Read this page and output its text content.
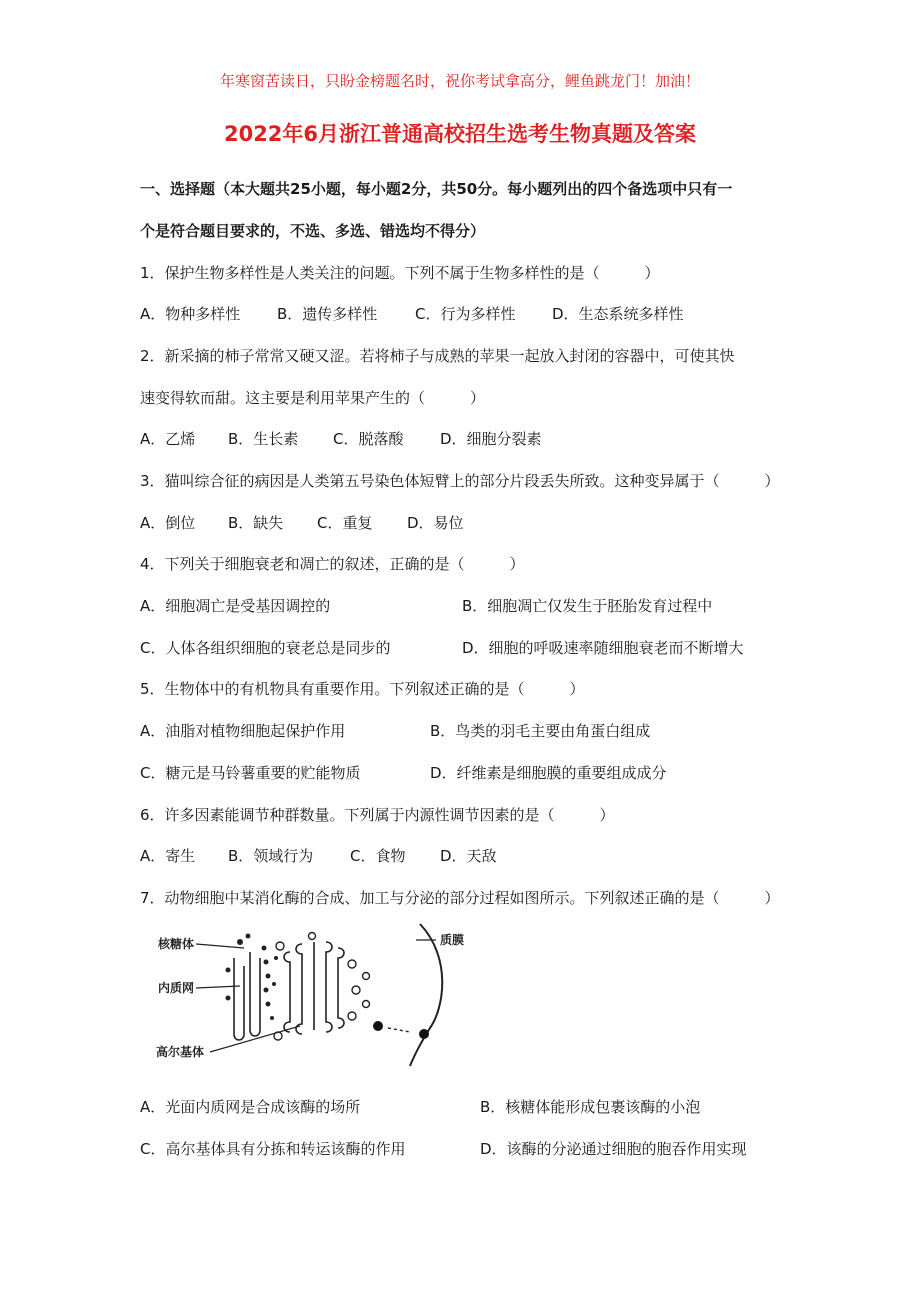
年寒窗苦读日，只盼金榜题名时，祝你考试拿高分，鲤鱼跳龙门！加油！
2022年6月浙江普通高校招生选考生物真题及答案
一、选择题（本大题共25小题，每小题2分，共50分。每小题列出的四个备选项中只有一
个是符合题目要求的，不选、多选、错选均不得分）
1．保护生物多样性是人类关注的问题。下列不属于生物多样性的是（　　　）
A．物种多样性 B．遗传多样性	C．行为多样性 D．生态系统多样性
2．新采摘的柿子常常又硬又涩。若将柿子与成熟的苹果一起放入封闭的容器中，可使其快
速变得软而甜。这主要是利用苹果产生的（　　　）
A．乙烯 B．生长素 C．脱落酸 D．细胞分裂素
3．猫叫综合征的病因是人类第五号染色体短臂上的部分片段丢失所致。这种变异属于（　　　）
A．倒位 B．缺失 C．重复 D．易位
4．下列关于细胞衰老和凋亡的叙述，正确的是（　　　）
A．细胞凋亡是受基因调控的	B．细胞凋亡仅发生于胚胎发育过程中
C．人体各组织细胞的衰老总是同步的	D．细胞的呼吸速率随细胞衰老而不断增大
5．生物体中的有机物具有重要作用。下列叙述正确的是（　　　）
A．油脂对植物细胞起保护作用	B．鸟类的羽毛主要由角蛋白组成
C．糖元是马铃薯重要的贮能物质	D．纤维素是细胞膜的重要组成成分
6．许多因素能调节种群数量。下列属于内源性调节因素的是（　　　）
A．寄生 B．领域行为 C．食物 D．天敌
7．动物细胞中某消化酶的合成、加工与分泌的部分过程如图所示。下列叙述正确的是（　　　）
核糖体
内质网
高尔基体
质膜
A．光面内质网是合成该酶的场所	B．核糖体能形成包裹该酶的小泡
C．高尔基体具有分拣和转运该酶的作用	D．该酶的分泌通过细胞的胞吞作用实现
